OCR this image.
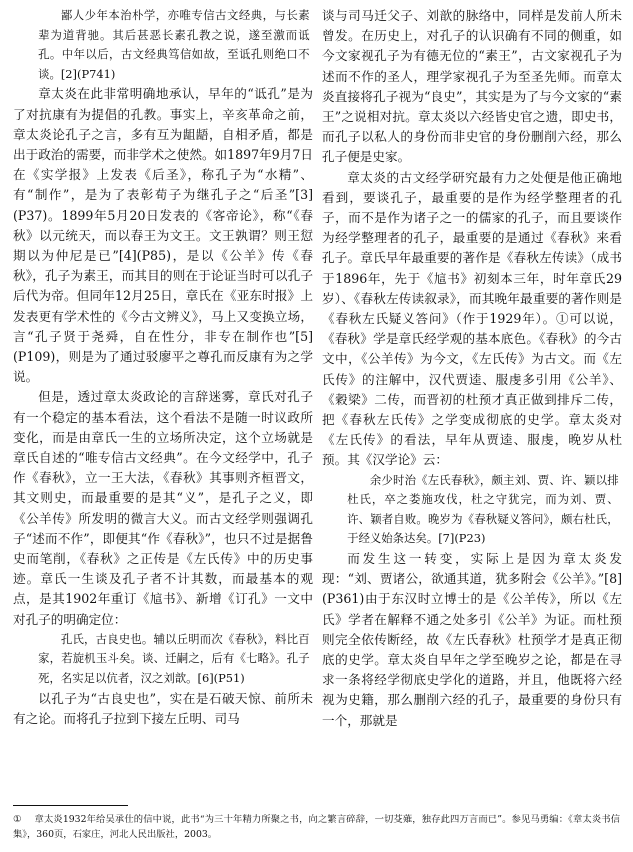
鄙人少年本治朴学，亦唯专信古文经典，与长素辈为道背驰。其后甚恶长素孔教之说，遂至激而诋孔。中年以后，古文经典笃信如故，至诋孔则绝口不谈。[2](P741)

章太炎在此非常明确地承认，早年的“诋孔”是为了对抗康有为提倡的孔教。事实上，辛亥革命之前，章太炎论孔子之言，多有互为龃龉，自相矛盾，都是出于政治的需要，而非学术之使然。如1897年9月7日在《实学报》上发表《后圣》，称孔子为“水精”、有“制作”，是为了表彰荀子为继孔子之“后圣”[3](P37)。1899年5月20日发表的《客帝论》，称“《春秋》以元统天，而以春王为文王。文王孰谓？则王愆期以为仲尼是已”[4](P85)，是以《公羊》传《春秋》，孔子为素王，而其目的则在于论证当时可以孔子后代为帝。但同年12月25日，章氏在《亚东时报》上发表更有学术性的《今古文辨义》，马上又变换立场，言“孔子贤于尧舜，自在性分，非专在制作也”[5](P109)，则是为了通过驳廖平之尊孔而反康有为之学说。

但是，透过章太炎政论的言辞迷雾，章氏对孔子有一个稳定的基本看法，这个看法不是随一时议政所变化，而是由章氏一生的立场所决定，这个立场就是章氏自述的“唯专信古文经典”。在今文经学中，孔子作《春秋》，立一王大法，《春秋》其事则齐桓晋文，其文则史，而最重要的是其“义”，是孔子之义，即《公羊传》所发明的微言大义。而古文经学则强调孔子“述而不作”，即便其“作《春秋》”，也只不过是据鲁史而笔削，《春秋》之正传是《左氏传》中的历史事迹。章氏一生谈及孔子者不计其数，而最基本的观点，是其1902年重订《訄书》、新增《订孔》一文中对孔子的明确定位：

孔氏，古良史也。辅以丘明而次《春秋》，料比百家，若旋机玉斗矣。谈、迁嗣之，后有《七略》。孔子死，名实足以伉者，汉之刘歆。[6](P51)

以孔子为“古良史也”，实在是石破天惊、前所未有之论。而将孔子拉到下接左丘明、司马

谈与司马迁父子、刘歆的脉络中，同样是发前人所未曾发。在历史上，对孔子的认识确有不同的侧重，如今文家视孔子为有德无位的“素王”，古文家视孔子为述而不作的圣人，理学家视孔子为至圣先师。而章太炎直接将孔子视为“良史”，其实是为了与今文家的“素王”之说相对抗。章太炎以六经皆史官之遗，即史书，而孔子以私人的身份而非史官的身份删削六经，那么孔子便是史家。

章太炎的古文经学研究最有力之处便是他正确地看到，要谈孔子，最重要的是作为经学整理者的孔子，而不是作为诸子之一的儒家的孔子，而且要谈作为经学整理者的孔子，最重要的是通过《春秋》来看孔子。章氏早年最重要的著作是《春秋左传读》（成书于1896年，先于《訄书》初刻本三年，时年章氏29岁）、《春秋左传读叙录》，而其晚年最重要的著作则是《春秋左氏疑义答问》（作于1929年）。①可以说，《春秋》学是章氏经学观的基本底色。《春秋》的今古文中，《公羊传》为今文，《左氏传》为古文。而《左氏传》的注解中，汉代贾逵、服虔多引用《公羊》、《穀梁》二传，而晋初的杜预才真正做到排斥二传，把《春秋左氏传》之学变成彻底的史学。章太炎对《左氏传》的看法，早年从贾逵、服虔，晚岁从杜预。其《汉学论》云：

余少时治《左氏春秋》，颇主刘、贾、许、颖以排杜氏，卒之娄施攻伐，杜之守犹完，而为刘、贾、许、颖者自败。晚岁为《春秋疑义答问》，颇右杜氏，于经义始条达矣。[7](P23)

而发生这一转变，实际上是因为章太炎发现：“刘、贾诸公，欲通其道，犹多附会《公羊》。”[8](P361)由于东汉时立博士的是《公羊传》，所以《左氏》学者在解释不通之处多引《公羊》为证。而杜预则完全依传断经，故《左氏春秋》杜预学才是真正彻底的史学。章太炎自早年之学至晚岁之论，都是在寻求一条将经学彻底史学化的道路，并且，他既将六经视为史籍，那么删削六经的孔子，最重要的身份只有一个，那就是

① 章太炎1932年给吴承仕的信中说，此书“为三十年精力所聚之书，向之繁言碎辞，一切芟薙，独存此四万言而已”。参见马勇编：《章太炎书信集》，360页，石家庄，河北人民出版社，2003。
